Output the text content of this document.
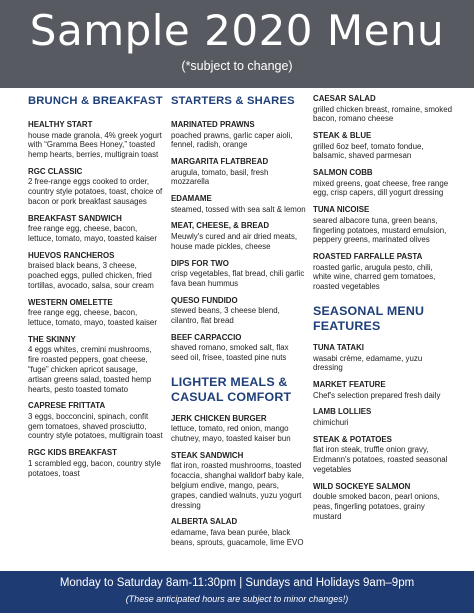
Sample 2020 Menu
(*subject to change)
BRUNCH & BREAKFAST
HEALTHY START
house made granola, 4% greek yogurt with “Gramma Bees Honey,” toasted hemp hearts, berries, multigrain toast
RGC CLASSIC
2 free-range eggs cooked to order, country style potatoes, toast, choice of bacon or pork breakfast sausages
BREAKFAST SANDWICH
free range egg, cheese, bacon, lettuce, tomato, mayo, toasted kaiser
HUEVOS RANCHEROS
braised black beans, 3 cheese, poached eggs, pulled chicken, fried tortillas, avocado, salsa, sour cream
WESTERN OMELETTE
free range egg, cheese, bacon, lettuce, tomato, mayo, toasted kaiser
THE SKINNY
4 eggs whites, cremini mushrooms, fire roasted peppers, goat cheese, “fuge” chicken apricot sausage, artisan greens salad, toasted hemp hearts, pesto toasted tomato
CAPRESE FRITTATA
3 eggs, bocconcini, spinach, confit gem tomatoes, shaved prosciutto, country style potatoes, multigrain toast
RGC KIDS BREAKFAST
1 scrambled egg, bacon, country style potatoes, toast
STARTERS & SHARES
MARINATED PRAWNS
poached prawns, garlic caper aioli, fennel, radish, orange
MARGARITA FLATBREAD
arugula, tomato, basil, fresh mozzarella
EDAMAME
steamed, tossed with sea salt & lemon
MEAT, CHEESE, & BREAD
Meuwly's cured and air dried meats, house made pickles, cheese
DIPS FOR TWO
crisp vegetables, flat bread, chili garlic fava bean hummus
QUESO FUNDIDO
stewed beans, 3 cheese blend, cilantro, flat bread
BEEF CARPACCIO
shaved romano, smoked salt, flax seed oil, frisee, toasted pine nuts
LIGHTER MEALS & CASUAL COMFORT
JERK CHICKEN BURGER
lettuce, tomato, red onion, mango chutney, mayo, toasted kaiser bun
STEAK SANDWICH
flat iron, roasted mushrooms, toasted focaccia, shanghai walldorf baby kale, belgium endive, mango, pears, grapes, candied walnuts, yuzu yogurt dressing
ALBERTA SALAD
edamame, fava bean purée, black beans, sprouts, guacamole, lime EVO
CAESAR SALAD
grilled chicken breast, romaine, smoked bacon, romano cheese
STEAK & BLUE
grilled 6oz beef, tomato fondue, balsamic, shaved parmesan
SALMON COBB
mixed greens, goat cheese, free range egg, crisp capers, dill yogurt dressing
TUNA NICOISE
seared albacore tuna, green beans, fingerling potatoes, mustard emulsion, peppery greens, marinated olives
ROASTED FARFALLE PASTA
roasted garlic, arugula pesto, chili, white wine, charred gem tomatoes, roasted vegetables
SEASONAL MENU FEATURES
TUNA TATAKI
wasabi crème, edamame, yuzu dressing
MARKET FEATURE
Chef's selection prepared fresh daily
LAMB LOLLIES
chimichuri
STEAK & POTATOES
flat iron steak, truffle onion gravy, Erdmann's potatoes, roasted seasonal vegetables
WILD SOCKEYE SALMON
double smoked bacon, pearl onions, peas, fingerling potatoes, grainy mustard
Monday to Saturday 8am-11:30pm | Sundays and Holidays 9am–9pm
(These anticipated hours are subject to minor changes!)
